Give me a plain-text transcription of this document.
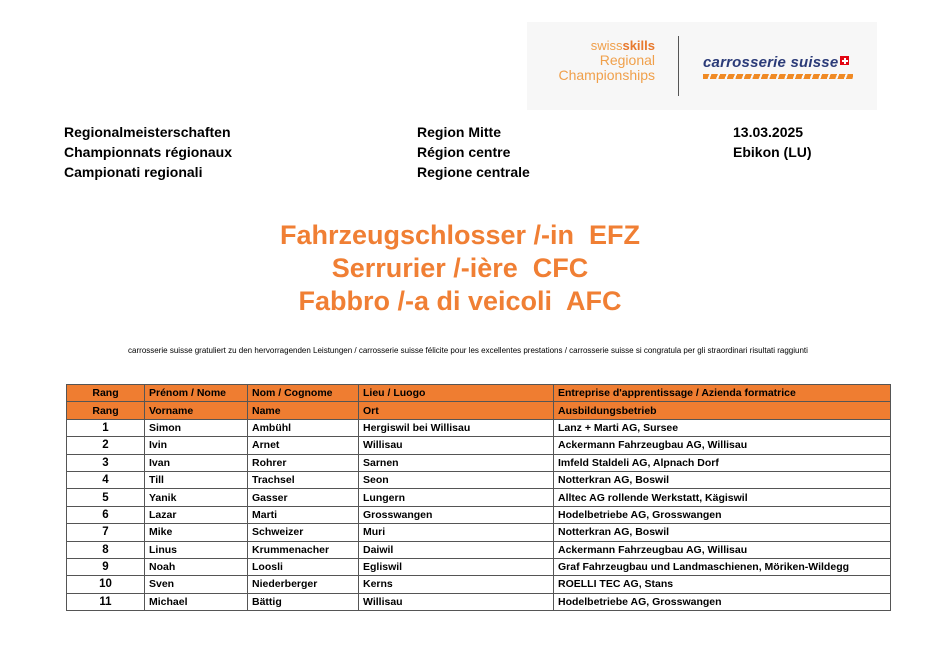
swissskills
Regional
Championships
carrosserie suisse
Regionalmeisterschaften
Championnats régionaux
Campionati regionali
Region Mitte
Région centre
Regione centrale
13.03.2025
Ebikon (LU)
Fahrzeugschlosser /-in  EFZ
Serrurier /-ière  CFC
Fabbro /-a di veicoli  AFC
carrosserie suisse gratuliert zu den hervorragenden Leistungen / carrosserie suisse félicite pour les excellentes prestations / carrosserie suisse si congratula per gli straordinari risultati raggiunti
Rang	Prénom / Nome	Nom / Cognome	Lieu / Luogo	Entreprise d'apprentissage / Azienda formatrice
Rang	Vorname	Name	Ort	Ausbildungsbetrieb
1	Simon	Ambühl	Hergiswil bei Willisau	Lanz + Marti AG, Sursee
2	Ivin	Arnet	Willisau	Ackermann Fahrzeugbau AG, Willisau
3	Ivan	Rohrer	Sarnen	Imfeld Staldeli AG, Alpnach Dorf
4	Till	Trachsel	Seon	Notterkran AG, Boswil
5	Yanik	Gasser	Lungern	Alltec AG rollende Werkstatt, Kägiswil
6	Lazar	Marti	Grosswangen	Hodelbetriebe AG, Grosswangen
7	Mike	Schweizer	Muri	Notterkran AG, Boswil
8	Linus	Krummenacher	Daiwil	Ackermann Fahrzeugbau AG, Willisau
9	Noah	Loosli	Egliswil	Graf Fahrzeugbau und Landmaschienen, Möriken-Wildegg
10	Sven	Niederberger	Kerns	ROELLI TEC AG, Stans
11	Michael	Bättig	Willisau	Hodelbetriebe AG, Grosswangen
